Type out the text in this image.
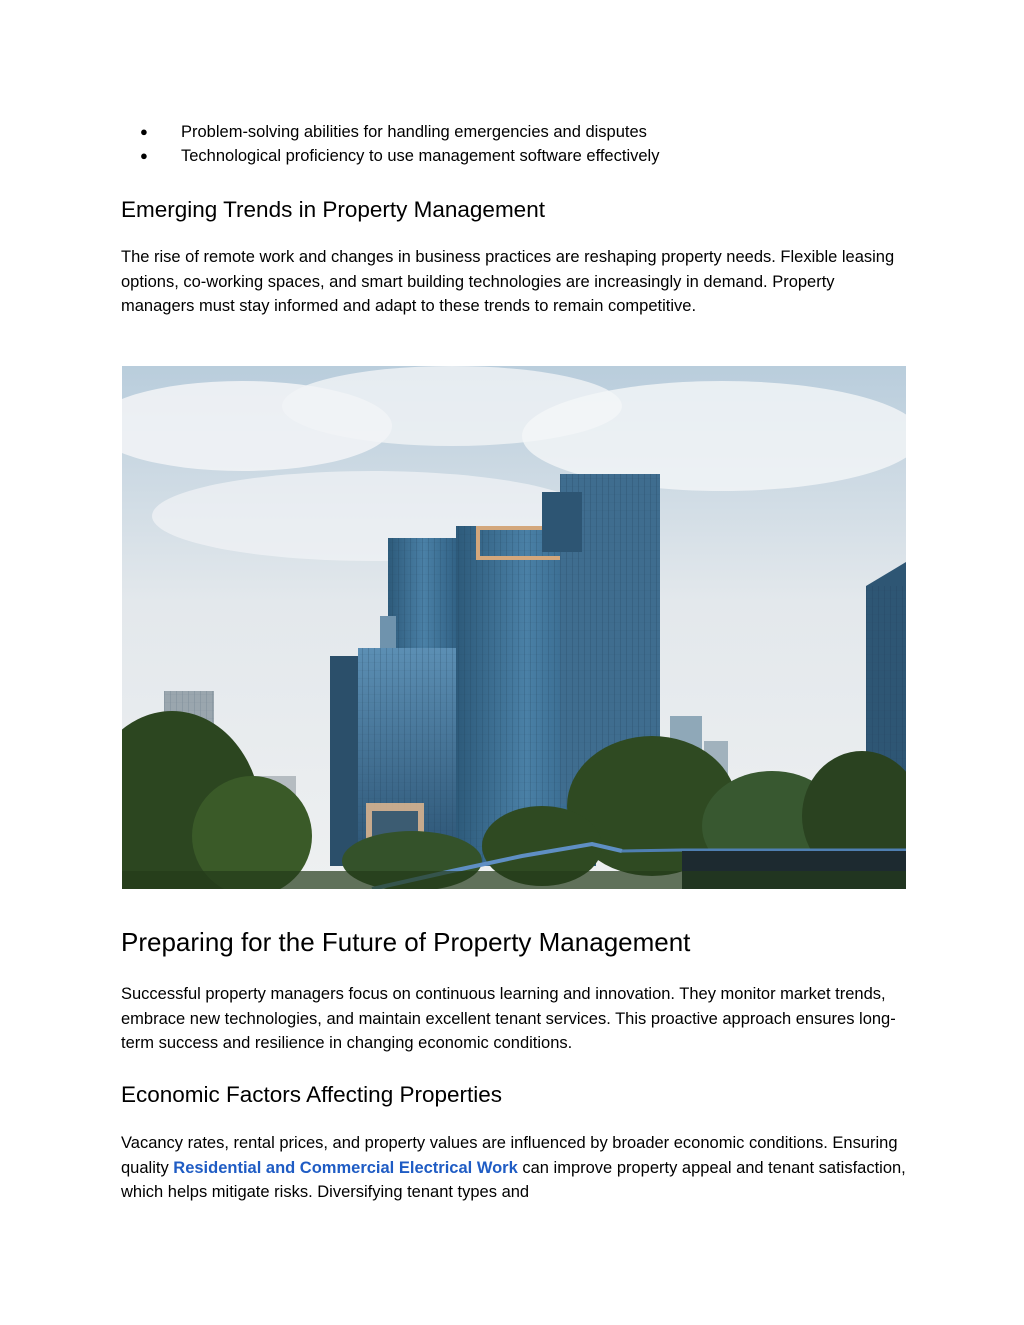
● Problem-solving abilities for handling emergencies and disputes
● Technological proficiency to use management software effectively
Emerging Trends in Property Management
The rise of remote work and changes in business practices are reshaping property needs. Flexible leasing options, co-working spaces, and smart building technologies are increasingly in demand. Property managers must stay informed and adapt to these trends to remain competitive.
Preparing for the Future of Property Management
Successful property managers focus on continuous learning and innovation. They monitor market trends, embrace new technologies, and maintain excellent tenant services. This proactive approach ensures long-term success and resilience in changing economic conditions.
Economic Factors Affecting Properties
Vacancy rates, rental prices, and property values are influenced by broader economic conditions. Ensuring quality Residential and Commercial Electrical Work can improve property appeal and tenant satisfaction, which helps mitigate risks. Diversifying tenant types and
